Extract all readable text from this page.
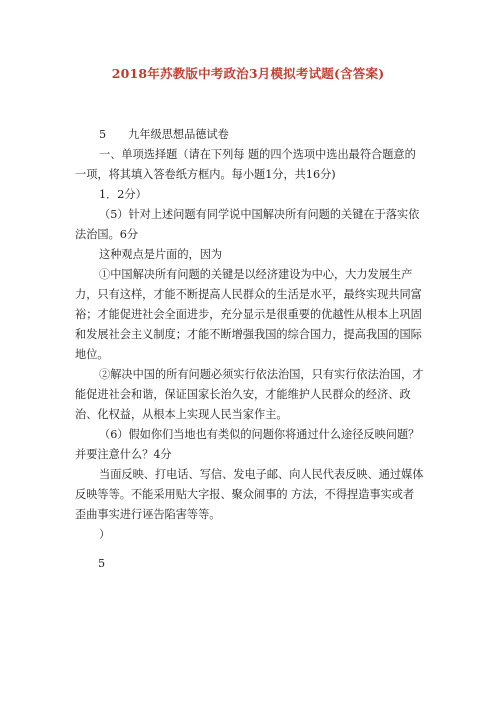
2018年苏教版中考政治3月模拟考试题(含答案)
5 九年级思想品德试卷

一、单项选择题（请在下列每 题的四个选项中选出最符合题意的一项，将其填入答卷纸方框内。每小题1分，共16分)

1．2分）

（5）针对上述问题有同学说中国解决所有问题的关键在于落实依法治国。6分

这种观点是片面的，因为

①中国解决所有问题的关键是以经济建设为中心，大力发展生产力，只有这样，才能不断提高人民群众的生活是水平，最终实现共同富裕；才能促进社会全面进步，充分显示是很重要的优越性从根本上巩固和发展社会主义制度；才能不断增强我国的综合国力，提高我国的国际地位。

②解决中国的所有问题必须实行依法治国，只有实行依法治国，才能促进社会和谐，保证国家长治久安，才能维护人民群众的经济、政治、化权益，从根本上实现人民当家作主。

（6）假如你们当地也有类似的问题你将通过什么途径反映问题？并要注意什么？4分

当面反映、打电话、写信、发电子邮、向人民代表反映、通过媒体反映等等。不能采用贴大字报、聚众闹事的 方法，不得捏造事实或者歪曲事实进行诬告陷害等等。

）

5
